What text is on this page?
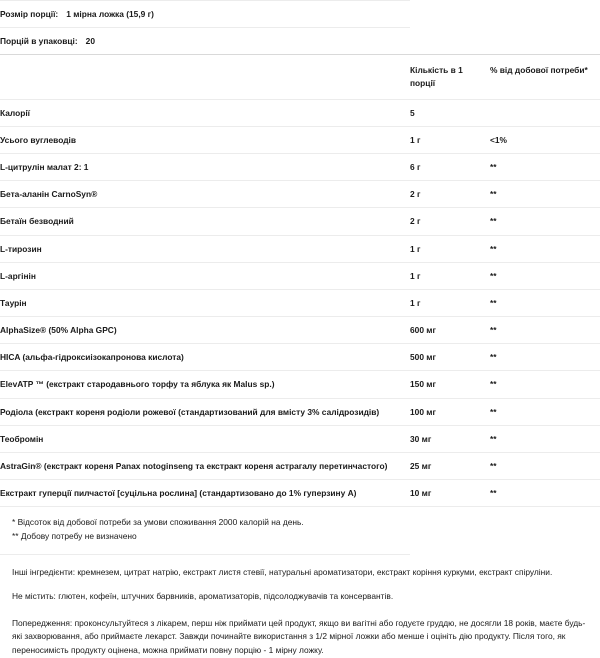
Розмір порції: 1 мірна ложка (15,9 г)		
Порцій в упаковці: 20		
	Кількість в 1 порції	% від добової потреби*
Калорії	5	
Усього вуглеводів	1 г	<1%
L-цитрулін малат 2: 1	6 г	**
Бета-аланін CarnoSyn®	2 г	**
Бетаїн безводний	2 г	**
L-тирозин	1 г	**
L-аргінін	1 г	**
Таурін	1 г	**
AlphaSize® (50% Alpha GPC)	600 мг	**
HICA (альфа-гідроксиізокапронова кислота)	500 мг	**
ElevATP ™ (екстракт стародавнього торфу та яблука як Malus sp.)	150 мг	**
Родіола (екстракт кореня родіоли рожевої (стандартизований для вмісту 3% салідрозидів)	100 мг	**
Теобромін	30 мг	**
AstraGin® (екстракт кореня Panax notoginseng та екстракт кореня астрагалу перетинчастого)	25 мг	**
Екстракт гуперції пилчастої [суцільна рослина] (стандартизовано до 1% гуперзину А)	10 мг	**
* Відсоток від добової потреби за умови споживання 2000 калорій на день.
** Добову потребу не визначено

Інші інгредієнти: кремнезем, цитрат натрію, екстракт листя стевії, натуральні ароматизатори, екстракт коріння куркуми, екстракт спіруліни.

Не містить: глютен, кофеїн, штучних барвників, ароматизаторів, підсолоджувачів та консервантів.

Попередження: проконсультуйтеся з лікарем, перш ніж приймати цей продукт, якщо ви вагітні або годуєте груддю, не досягли 18 років, маєте будь-які захворювання, або приймаєте лекарст. Завжди починайте використання з 1/2 мірної ложки або менше і оцініть дію продукту. Після того, як переносимість продукту оцінена, можна приймати повну порцію - 1 мірну ложку.
